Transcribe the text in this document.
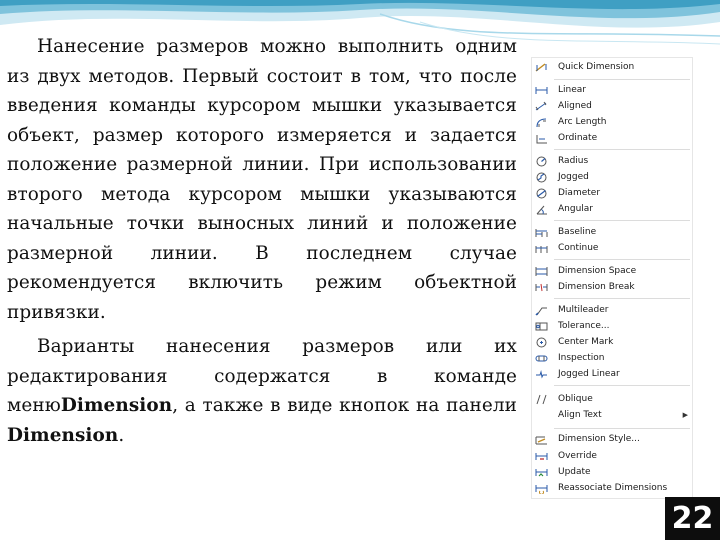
Нанесение размеров можно выполнить одним из двух методов. Первый состоит в том, что после введения команды курсором мышки указывается объект, размер которого измеряется и задается положение размерной линии. При использовании второго метода курсором мышки указываются начальные точки выносных линий и положение размерной линии. В последнем случае рекомендуется включить режим объектной привязки.

Варианты нанесения размеров или их редактирования содержатся в команде менюDimension, а также в виде кнопок на панели Dimension.

Quick Dimension
Linear
Aligned
Arc Length
Ordinate
Radius
Jogged
Diameter
Angular
Baseline
Continue
Dimension Space
Dimension Break
Multileader
Tolerance...
Center Mark
Inspection
Jogged Linear
Oblique
Align Text	▶
Dimension Style...
Override
Update
Reassociate Dimensions
22
